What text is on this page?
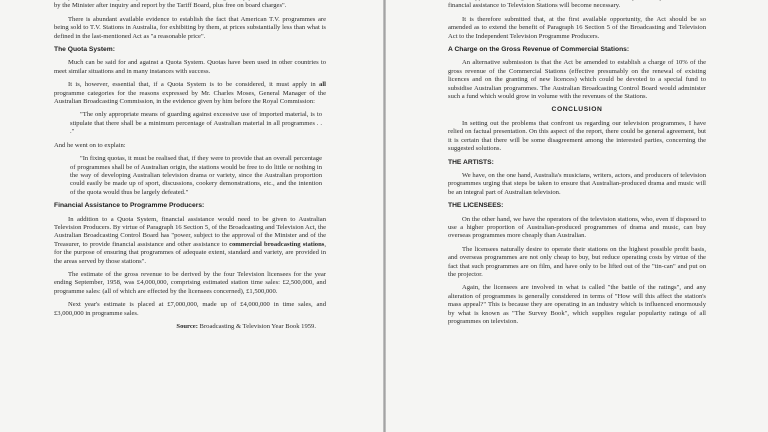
by the Minister after inquiry and report by the Tariff Board, plus free on board charges".

There is abundant available evidence to establish the fact that American T.V. programmes are being sold to T.V. Stations in Australia, for exhibiting by them, at prices substantially less than what is defined in the last-mentioned Act as "a reasonable price".

The Quota System:

Much can be said for and against a Quota System. Quotas have been used in other countries to meet similar situations and in many instances with success.

It is, however, essential that, if a Quota System is to be considered, it must apply in all programme categories for the reasons expressed by Mr. Charles Moses, General Manager of the Australian Broadcasting Commission, in the evidence given by him before the Royal Commission:

"The only appropriate means of guarding against excessive use of imported material, is to stipulate that there shall be a minimum percentage of Australian material in all programmes . . ."

And he went on to explain:

"In fixing quotas, it must be realised that, if they were to provide that an overall percentage of programmes shall be of Australian origin, the stations would be free to do little or nothing in the way of developing Australian television drama or variety, since the Australian proportion could easily be made up of sport, discussions, cookery demonstrations, etc., and the intention of the quota would thus be largely defeated."

Financial Assistance to Programme Producers:

In addition to a Quota System, financial assistance would need to be given to Australian Television Producers. By virtue of Paragraph 16 Section 5, of the Broadcasting and Television Act, the Australian Broadcasting Control Board has "power, subject to the approval of the Minister and of the Treasurer, to provide financial assistance and other assistance to commercial broadcasting stations, for the purpose of ensuring that programmes of adequate extent, standard and variety, are provided in the areas served by those stations".

The estimate of the gross revenue to be derived by the four Television licensees for the year ending September, 1958, was £4,000,000, comprising estimated station time sales: £2,500,000, and programme sales: (all of which are effected by the licensees concerned), £1,500,000.

Next year's estimate is placed at £7,000,000, made up of £4,000,000 in time sales, and £3,000,000 in programme sales.

Source: Broadcasting & Television Year Book 1959.

financial assistance to Television Stations will become necessary.

It is therefore submitted that, at the first available opportunity, the Act should be so amended as to extend the benefit of Paragraph 16 Section 5 of the Broadcasting and Television Act to the Independent Television Programme Producers.

A Charge on the Gross Revenue of Commercial Stations:

An alternative submission is that the Act be amended to establish a charge of 10% of the gross revenue of the Commercial Stations (effective presumably on the renewal of existing licences and on the granting of new licences) which could be devoted to a special fund to subsidise Australian programmes. The Australian Broadcasting Control Board would administer such a fund which would grow in volume with the revenues of the Stations.

CONCLUSION

In setting out the problems that confront us regarding our television programmes, I have relied on factual presentation. On this aspect of the report, there could be general agreement, but it is certain that there will be some disagreement among the interested parties, concerning the suggested solutions.

THE ARTISTS:

We have, on the one hand, Australia's musicians, writers, actors, and producers of television programmes urging that steps be taken to ensure that Australian-produced drama and music will be an integral part of Australian television.

THE LICENSEES:

On the other hand, we have the operators of the television stations, who, even if disposed to use a higher proportion of Australian-produced programmes of drama and music, can buy overseas programmes more cheaply than Australian.

The licensees naturally desire to operate their stations on the highest possible profit basis, and overseas programmes are not only cheap to buy, but reduce operating costs by virtue of the fact that such programmes are on film, and have only to be lifted out of the "tin-can" and put on the projector.

Again, the licensees are involved in what is called "the battle of the ratings", and any alteration of programmes is generally considered in terms of "How will this affect the station's mass appeal?" This is because they are operating in an industry which is influenced enormously by what is known as "The Survey Book", which supplies regular popularity ratings of all programmes on television.
